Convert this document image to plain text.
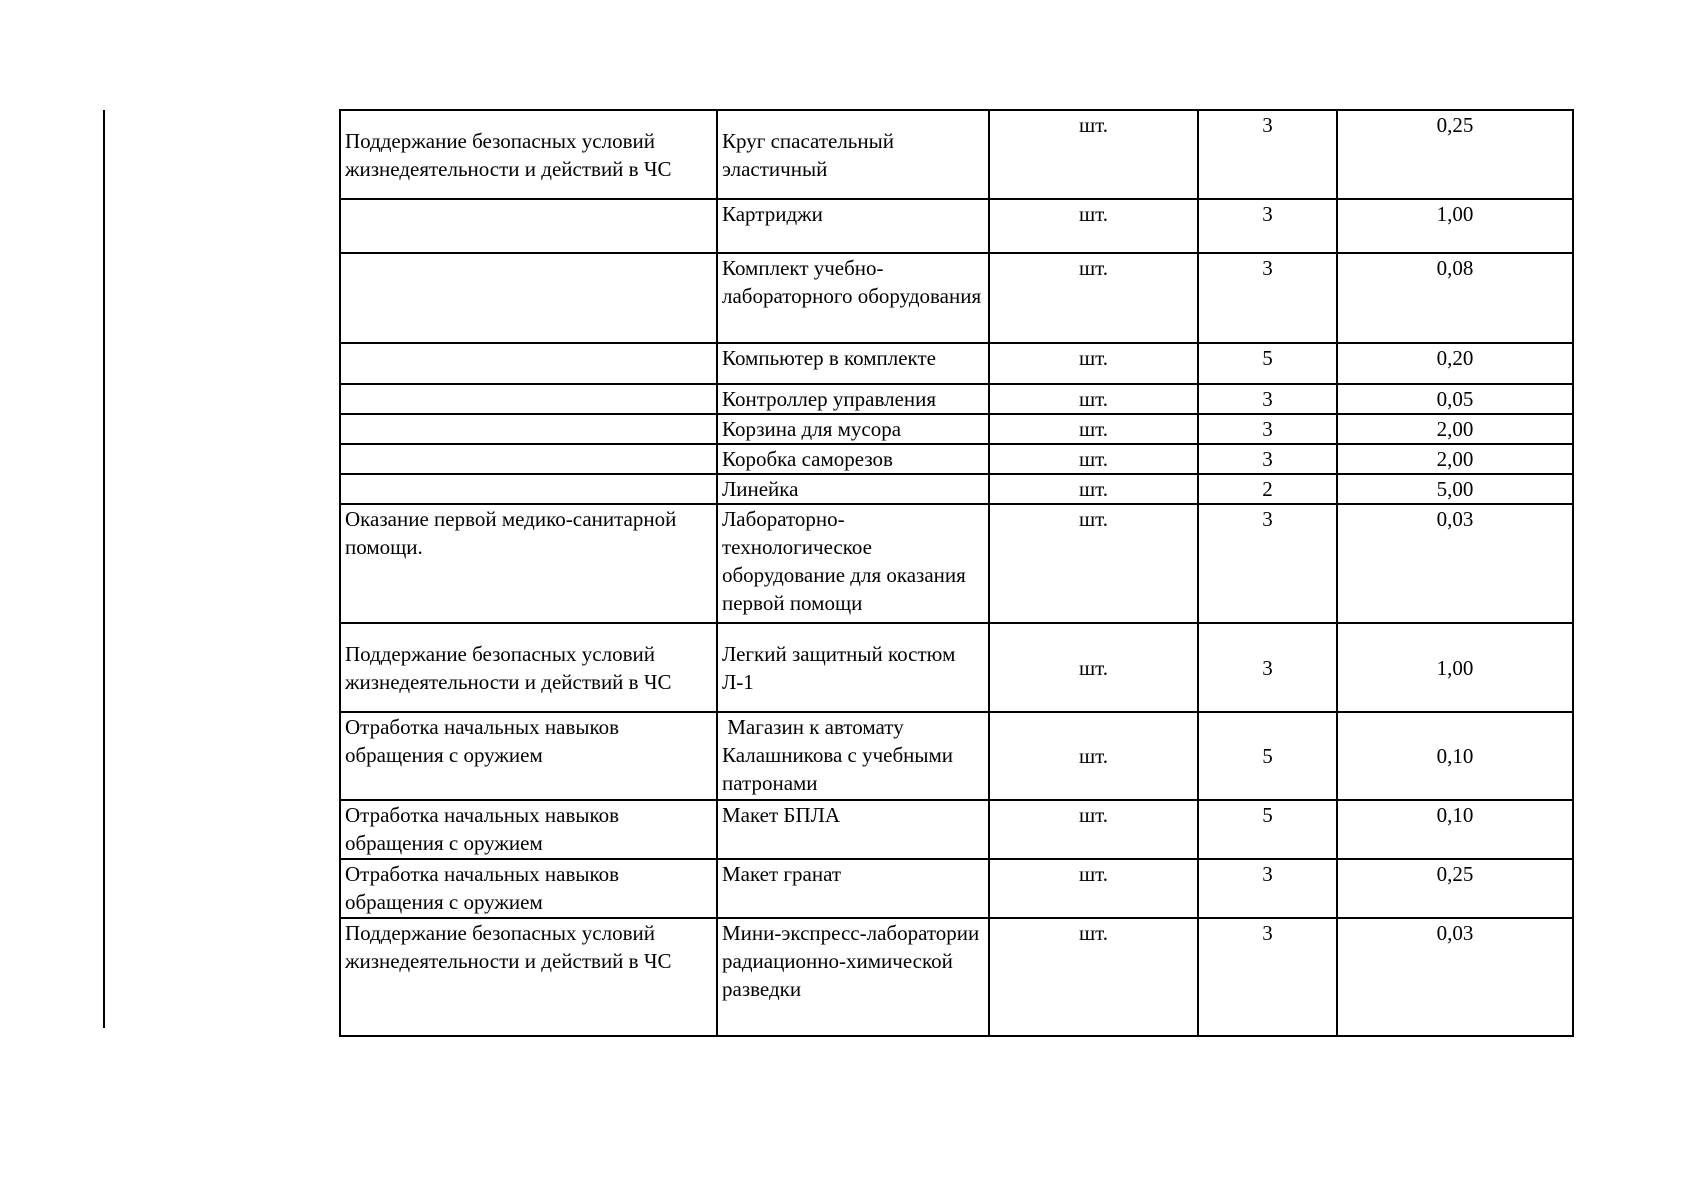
Поддержание безопасных условий жизнедеятельности и действий в ЧС	Круг спасательный эластичный	шт.	3	0,25
	Картриджи	шт.	3	1,00
	Комплект учебно-лабораторного оборудования	шт.	3	0,08
	Компьютер в комплекте	шт.	5	0,20
	Контроллер управления	шт.	3	0,05
	Корзина для мусора	шт.	3	2,00
	Коробка саморезов	шт.	3	2,00
	Линейка	шт.	2	5,00
Оказание первой медико-санитарной помощи.	Лабораторно-технологическое оборудование для оказания первой помощи	шт.	3	0,03
Поддержание безопасных условий жизнедеятельности и действий в ЧС	Легкий защитный костюм Л-1	шт.	3	1,00
Отработка начальных навыков обращения с оружием	Магазин к автомату Калашникова с учебными патронами	шт.	5	0,10
Отработка начальных навыков обращения с оружием	Макет БПЛА	шт.	5	0,10
Отработка начальных навыков обращения с оружием	Макет гранат	шт.	3	0,25
Поддержание безопасных условий жизнедеятельности и действий в ЧС	Мини-экспресс-лаборатории радиационно-химической разведки	шт.	3	0,03
